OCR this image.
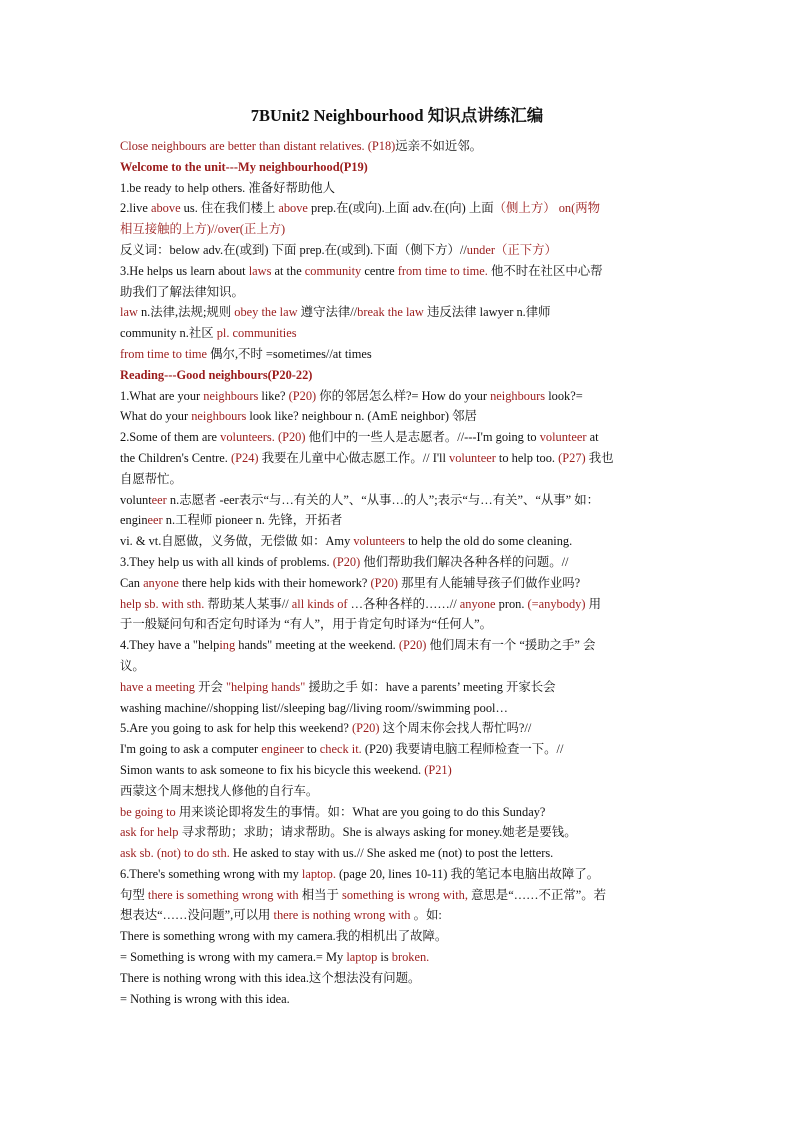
7BUnit2 Neighbourhood 知识点讲练汇编
Close neighbours are better than distant relatives. (P18)远亲不如近邻。
Welcome to the unit---My neighbourhood(P19)
1.be ready to help others. 准备好帮助他人
2.live above us. 住在我们楼上 above prep.在(或向).上面 adv.在(向) 上面（侧上方） on(两物
相互接触的上方)//over(正上方)
反义词：below adv.在(或到) 下面 prep.在(或到).下面（侧下方）//under（正下方）
3.He helps us learn about laws at the community centre from time to time. 他不时在社区中心帮
助我们了解法律知识。
law n.法律,法规;规则 obey the law 遵守法律//break the law 违反法律 lawyer n.律师
community n.社区 pl. communities
from time to time 偶尔,不时 =sometimes//at times
Reading---Good neighbours(P20-22)
1.What are your neighbours like? (P20) 你的邻居怎么样?= How do your neighbours look?=
What do your neighbours look like? neighbour n. (AmE neighbor) 邻居
2.Some of them are volunteers. (P20) 他们中的一些人是志愿者。//---I'm going to volunteer at
the Children's Centre. (P24) 我要在儿童中心做志愿工作。// I'll volunteer to help too. (P27) 我也
自愿帮忙。
volunteer n.志愿者 -eer表示“与…有关的人”、“从事…的人”;表示“与…有关”、“从事” 如：
engineer n.工程师 pioneer n. 先锋，开拓者
vi. & vt.自愿做，义务做，无偿做 如：Amy volunteers to help the old do some cleaning.
3.They help us with all kinds of problems. (P20) 他们帮助我们解决各种各样的问题。//
Can anyone there help kids with their homework? (P20) 那里有人能辅导孩子们做作业吗?
help sb. with sth. 帮助某人某事// all kinds of …各种各样的……// anyone pron. (=anybody) 用
于一般疑问句和否定句时译为 “有人”，用于肯定句时译为“任何人”。
4.They have a "helping hands" meeting at the weekend. (P20) 他们周末有一个 “援助之手” 会
议。
have a meeting 开会 "helping hands" 援助之手 如：have a parents’ meeting 开家长会
washing machine//shopping list//sleeping bag//living room//swimming pool…
5.Are you going to ask for help this weekend? (P20) 这个周末你会找人帮忙吗?//
I'm going to ask a computer engineer to check it. (P20) 我要请电脑工程师检查一下。//
Simon wants to ask someone to fix his bicycle this weekend. (P21)
西蒙这个周末想找人修他的自行车。
be going to 用来谈论即将发生的事情。如：What are you going to do this Sunday?
ask for help 寻求帮助；求助；请求帮助。She is always asking for money.她老是要钱。
ask sb. (not) to do sth. He asked to stay with us.// She asked me (not) to post the letters.
6.There's something wrong with my laptop. (page 20, lines 10-11) 我的笔记本电脑出故障了。
句型 there is something wrong with 相当于 something is wrong with, 意思是“……不正常”。若
想表达“……没问题”,可以用 there is nothing wrong with 。如:
There is something wrong with my camera.我的相机出了故障。
= Something is wrong with my camera.= My laptop is broken.
There is nothing wrong with this idea.这个想法没有问题。
= Nothing is wrong with this idea.
